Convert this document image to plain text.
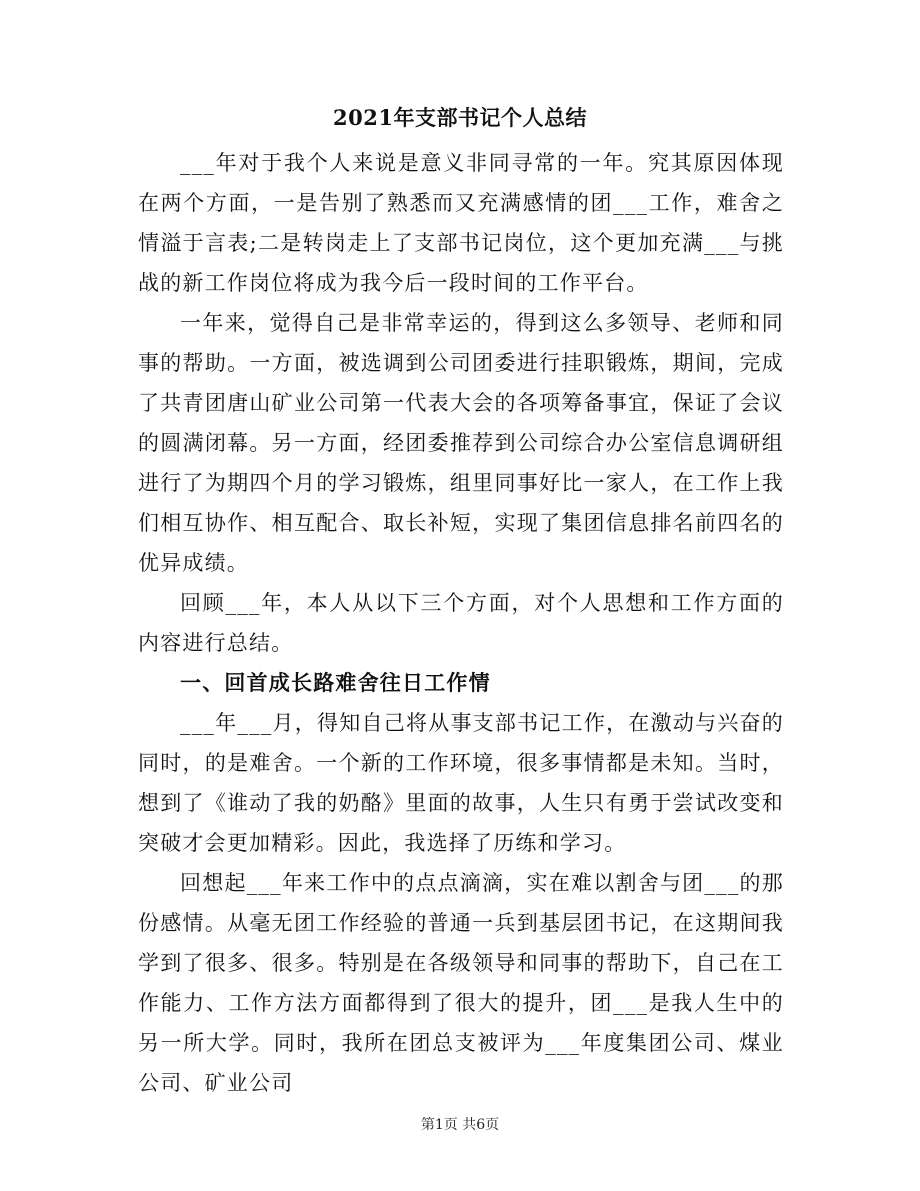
2021年支部书记个人总结

___年对于我个人来说是意义非同寻常的一年。究其原因体现在两个方面，一是告别了熟悉而又充满感情的团___工作，难舍之情溢于言表;二是转岗走上了支部书记岗位，这个更加充满___与挑战的新工作岗位将成为我今后一段时间的工作平台。

一年来，觉得自己是非常幸运的，得到这么多领导、老师和同事的帮助。一方面，被选调到公司团委进行挂职锻炼，期间，完成了共青团唐山矿业公司第一代表大会的各项筹备事宜，保证了会议的圆满闭幕。另一方面，经团委推荐到公司综合办公室信息调研组进行了为期四个月的学习锻炼，组里同事好比一家人，在工作上我们相互协作、相互配合、取长补短，实现了集团信息排名前四名的优异成绩。

回顾___年，本人从以下三个方面，对个人思想和工作方面的内容进行总结。

一、回首成长路难舍往日工作情

___年___月，得知自己将从事支部书记工作，在激动与兴奋的同时，的是难舍。一个新的工作环境，很多事情都是未知。当时，想到了《谁动了我的奶酪》里面的故事，人生只有勇于尝试改变和突破才会更加精彩。因此，我选择了历练和学习。

回想起___年来工作中的点点滴滴，实在难以割舍与团___的那份感情。从毫无团工作经验的普通一兵到基层团书记，在这期间我学到了很多、很多。特别是在各级领导和同事的帮助下，自己在工作能力、工作方法方面都得到了很大的提升，团___是我人生中的另一所大学。同时，我所在团总支被评为___年度集团公司、煤业公司、矿业公司

第1页 共6页
